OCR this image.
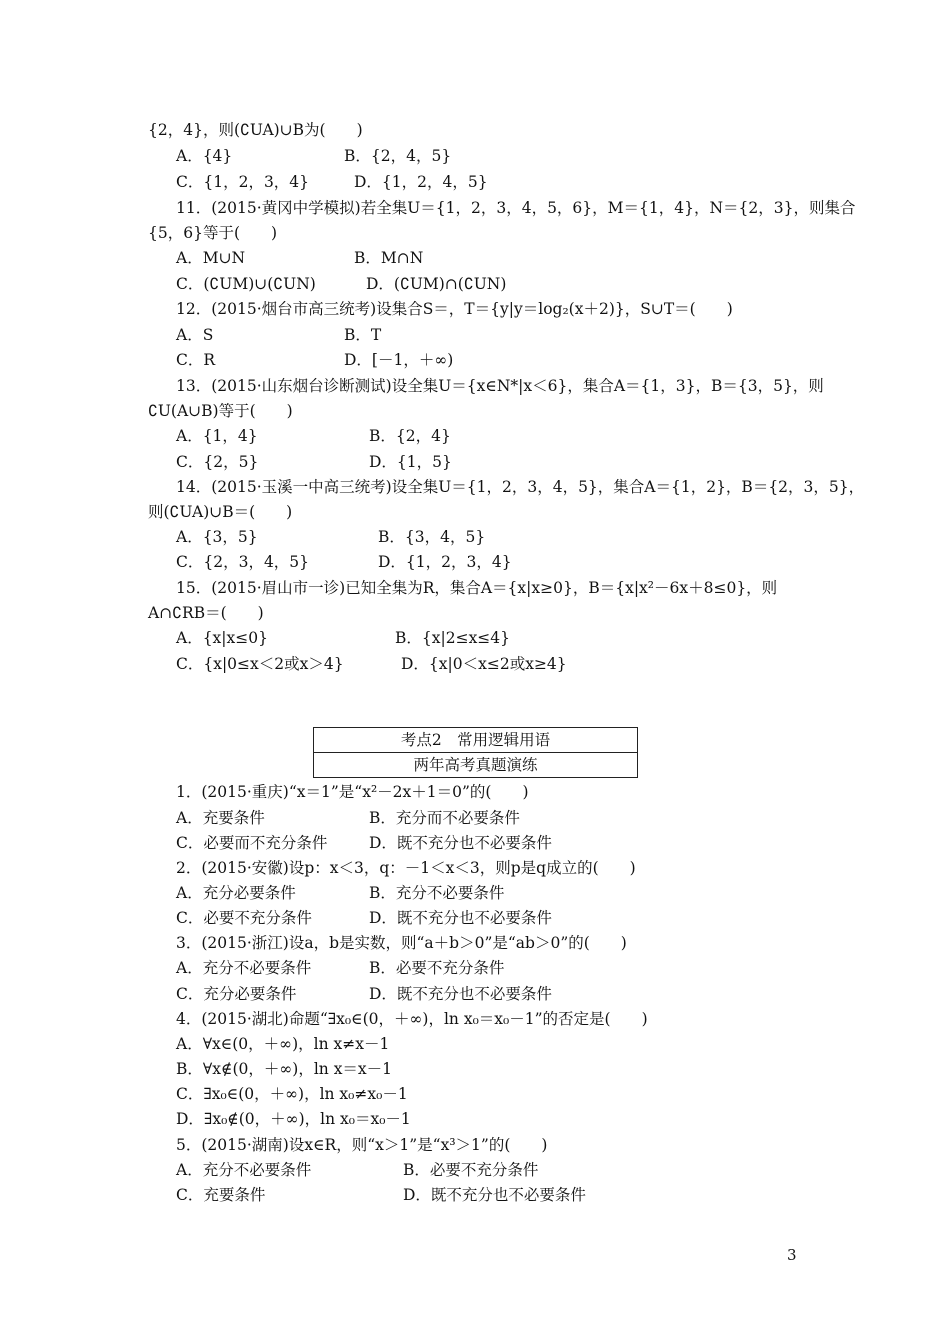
{2，4}，则(∁UA)∪B为(　　)
A．{4}	B．{2，4，5}
C．{1，2，3，4}	D．{1，2，4，5}
11．(2015·黄冈中学模拟)若全集U＝{1，2，3，4，5，6}，M＝{1，4}，N＝{2，3}，则集合
{5，6}等于(　　)
A．M∪N	B．M∩N
C．(∁UM)∪(∁UN)	D．(∁UM)∩(∁UN)
12．(2015·烟台市高三统考)设集合S＝，T＝{y|y＝log₂(x＋2)}，S∪T＝(　　)
A．S	B．T
C．R	D．[－1，＋∞)
13．(2015·山东烟台诊断测试)设全集U＝{x∈N*|x＜6}，集合A＝{1，3}，B＝{3，5}，则
∁U(A∪B)等于(　　)
A．{1，4}	B．{2，4}
C．{2，5}	D．{1，5}
14．(2015·玉溪一中高三统考)设全集U＝{1，2，3，4，5}，集合A＝{1，2}，B＝{2，3，5}，
则(∁UA)∪B＝(　　)
A．{3，5}	B．{3，4，5}
C．{2，3，4，5}	D．{1，2，3，4}
15．(2015·眉山市一诊)已知全集为R，集合A＝{x|x≥0}，B＝{x|x²－6x＋8≤0}，则
A∩∁RB＝(　　)
A．{x|x≤0}	B．{x|2≤x≤4}
C．{x|0≤x＜2或x＞4}	D．{x|0＜x≤2或x≥4}
1．(2015·重庆)“x＝1”是“x²－2x＋1＝0”的(　　)
A．充要条件	B．充分而不必要条件
C．必要而不充分条件	D．既不充分也不必要条件
2．(2015·安徽)设p：x＜3，q：－1＜x＜3，则p是q成立的(　　)
A．充分必要条件	B．充分不必要条件
C．必要不充分条件	D．既不充分也不必要条件
3．(2015·浙江)设a，b是实数，则“a＋b＞0”是“ab＞0”的(　　)
A．充分不必要条件	B．必要不充分条件
C．充分必要条件	D．既不充分也不必要条件
4．(2015·湖北)命题“∃x₀∈(0，＋∞)，ln x₀＝x₀－1”的否定是(　　)
A．∀x∈(0，＋∞)，ln x≠x－1
B．∀x∉(0，＋∞)，ln x＝x－1
C．∃x₀∈(0，＋∞)，ln x₀≠x₀－1
D．∃x₀∉(0，＋∞)，ln x₀＝x₀－1
5．(2015·湖南)设x∈R，则“x＞1”是“x³＞1”的(　　)
A．充分不必要条件	B．必要不充分条件
C．充要条件	D．既不充分也不必要条件
考点2　常用逻辑用语
两年高考真题演练
3
